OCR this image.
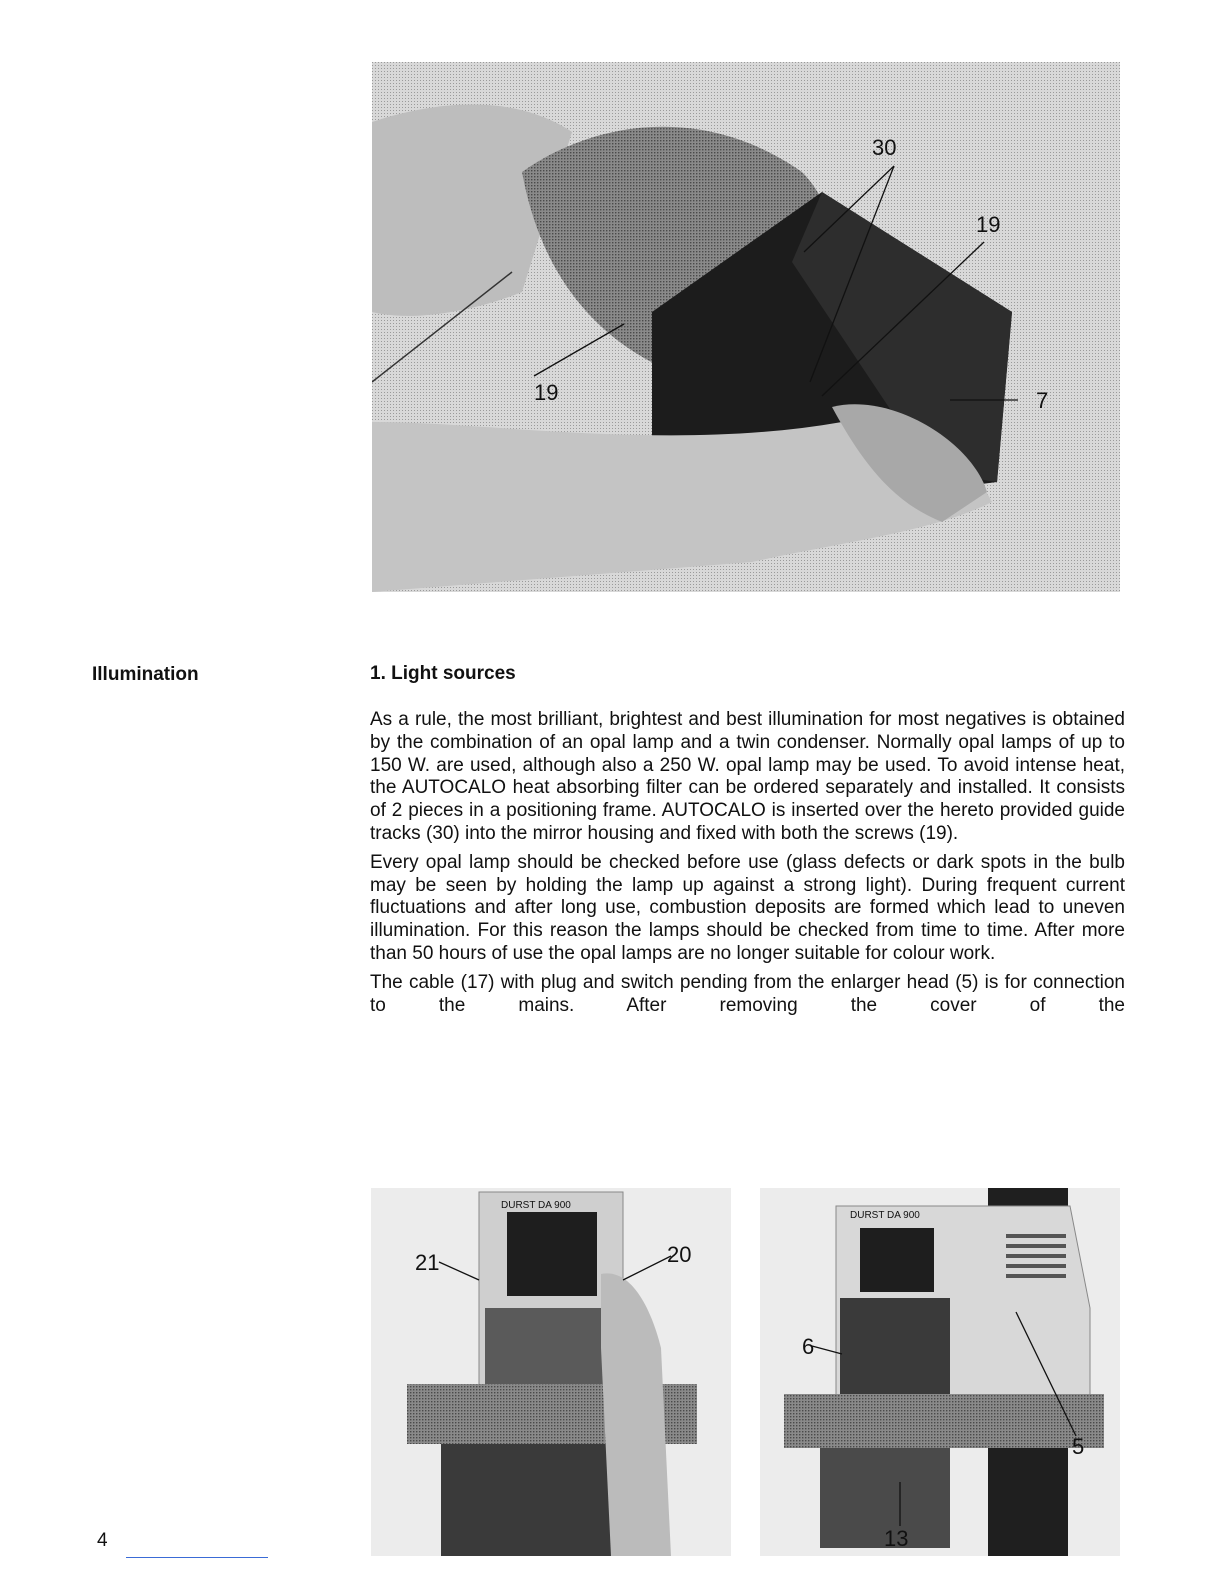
30
19
19	7
Illumination	1. Light sources

As a rule, the most brilliant, brightest and best illumination for most negatives is obtained by the combination of an opal lamp and a twin condenser. Normally opal lamps of up to 150 W. are used, although also a 250 W. opal lamp may be used. To avoid intense heat, the AUTOCALO heat absorbing filter can be ordered separately and installed. It consists of 2 pieces in a positioning frame. AUTOCALO is inserted over the hereto provided guide tracks (30) into the mirror housing and fixed with both the screws (19).

Every opal lamp should be checked before use (glass defects or dark spots in the bulb may be seen by holding the lamp up against a strong light). During frequent current fluctuations and after long use, combustion deposits are formed which lead to uneven illumination. For this reason the lamps should be checked from time to time. After more than 50 hours of use the opal lamps are no longer suitable for colour work.

The cable (17) with plug and switch pending from the enlarger head (5) is for connection to the mains. After removing the cover of the

DURST DA 900
21	20
DURST DA 900
6
5
13
4
